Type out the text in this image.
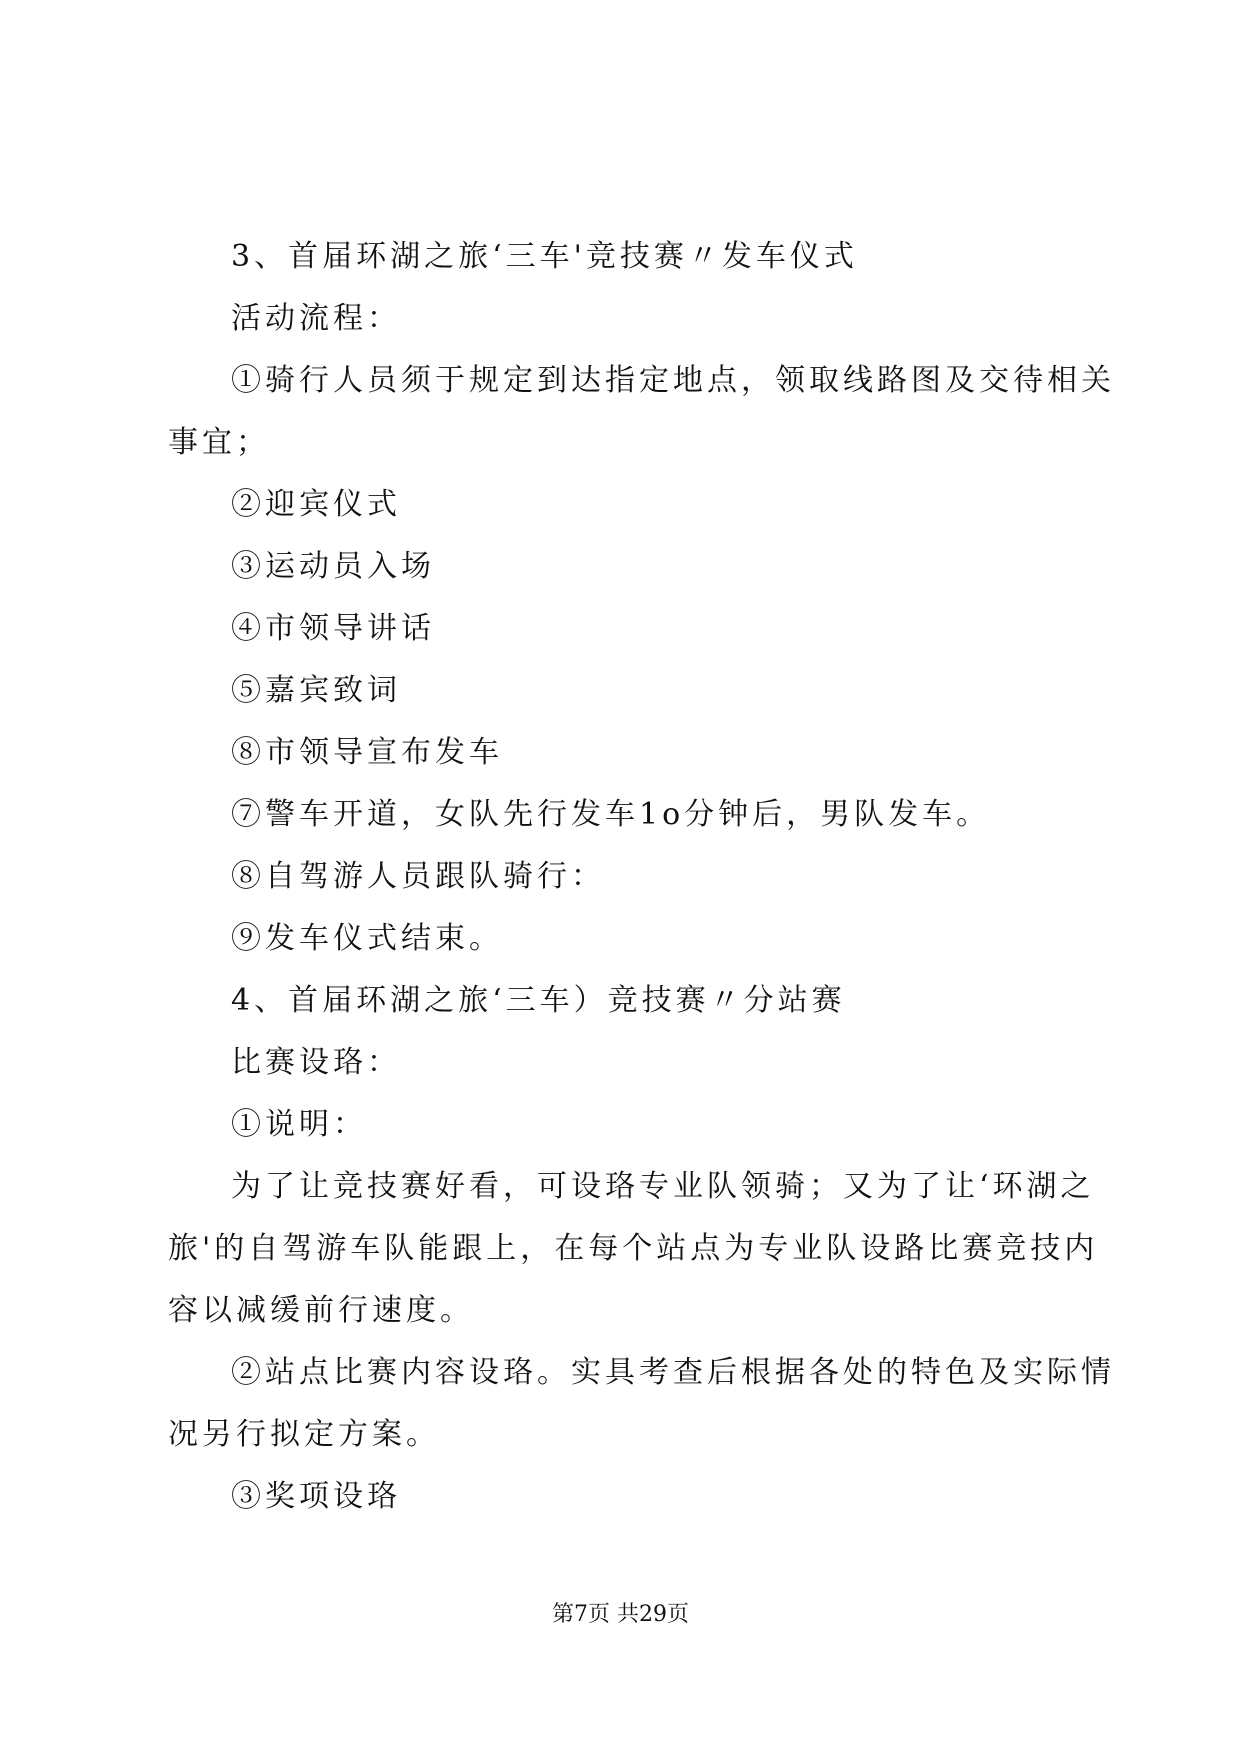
3、首届环湖之旅‘三车'竞技赛〃发车仪式
活动流程：
①骑行人员须于规定到达指定地点，领取线路图及交待相关
事宜；
②迎宾仪式
③运动员入场
④市领导讲话
⑤嘉宾致词
⑧市领导宣布发车
⑦警车开道，女队先行发车1o分钟后，男队发车。
⑧自驾游人员跟队骑行：
⑨发车仪式结束。
4、首届环湖之旅‘三车）竞技赛〃分站赛
比赛设珞：
①说明：
为了让竞技赛好看，可设珞专业队领骑；又为了让‘环湖之
旅'的自驾游车队能跟上，在每个站点为专业队设路比赛竞技内
容以减缓前行速度。
②站点比赛内容设珞。实具考查后根据各处的特色及实际情
况另行拟定方案。
③奖项设珞
第7页 共29页
